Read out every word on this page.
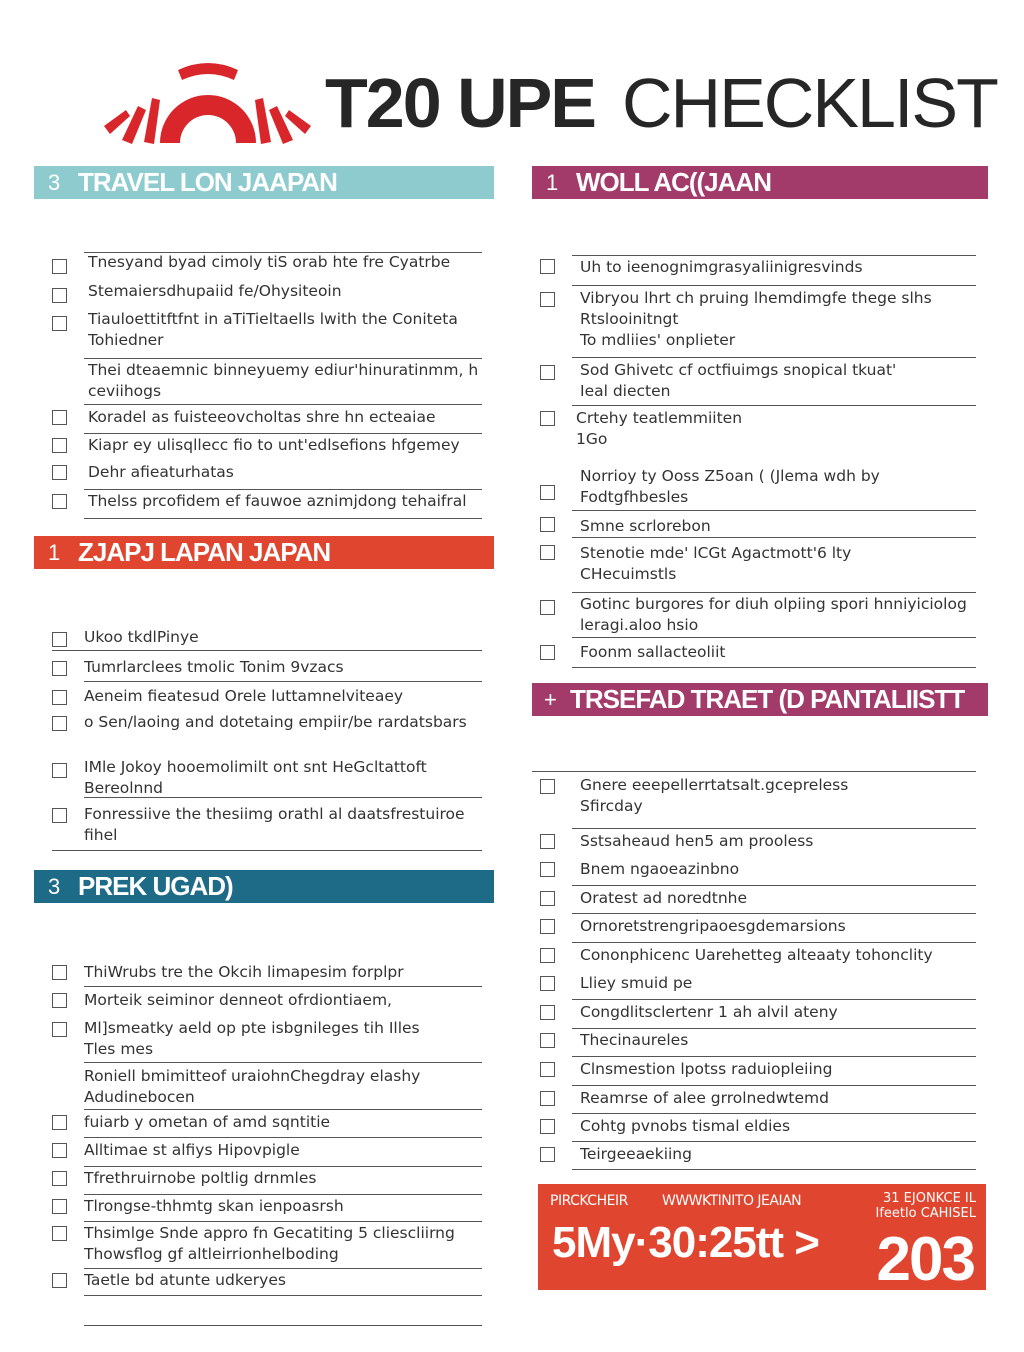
T20 UPE CHECKLIST
3 TRAVEL LON JAAPAN
Tnesyand byad cimoly tiS orab hte fre Cyatrbe
Stemaiersdhupaiid fe/Ohysiteoin
Tiauloettitftfnt in aTiTieltaells lwith the Coniteta
Tohiedner
Thei dteaemnic binneyuemy ediur'hinuratinmm, h
ceviihogs
Koradel as fuisteeovcholtas shre hn ecteaiae
Kiapr ey ulisqllecc fio to unt'edlsefions hfgemey
Dehr afieaturhatas
Thelss prcofidem ef fauwoe aznimjdong tehaifral
1 ZJAPJ LAPAN JAPAN
Ukoo tkdlPinye
Tumrlarclees tmolic Tonim 9vzacs
Aeneim fieatesud Orele luttamnelviteaey
o Sen/laoing and dotetaing empiir/be rardatsbars
IMle Jokoy hooemolimilt ont snt HeGcltattoft
Bereolnnd
Fonressiive the thesiimg orathl al daatsfrestuiroe
fihel
3 PREK UGAD)
ThiWrubs tre the Okcih limapesim forplpr
Morteik seiminor denneot ofrdiontiaem,
Ml]smeatky aeld op pte isbgnileges tih Illes
Tles mes
Roniell bmimitteof uraiohnChegdray elashy
Adudinebocen
fuiarb y ometan of amd sqntitie
Alltimae st alfiys Hipovpigle
Tfrethruirnobe poltlig drnmles
Tlrongse-thhmtg skan ienpoasrsh
Thsimlge Snde appro fn Gecatiting 5 cliescliirng
Thowsflog gf altleirrionhelboding
Taetle bd atunte udkeryes
1 WOLL AC((JAAN
Uh to ieenognimgrasyaliinigresvinds
Vibryou lhrt ch pruing lhemdimgfe thege slhs
Rtslooinitngt
To mdliies' onplieter
Sod Ghivetc cf octfiuimgs snopical tkuat'
Ieal diecten
Crtehy teatlemmiiten
1Go
Norrioy ty Ooss Z5oan ( (Jlema wdh by
Fodtgfhbesles
Smne scrlorebon
Stenotie mde' lCGt Agactmott'6 lty
CHecuimstls
Gotinc burgores for diuh olpiing spori hnniyiciolog
leragi.aloo hsio
Foonm sallacteoliit
+ TRSEFAD TRAET (D PANTALIISTT
Gnere eeepellerrtatsalt.gcepreless
Sfircday
Sstsaheaud hen5 am prooless
Bnem ngaoeazinbno
Oratest ad noredtnhe
Ornoretstrengripaoesgdemarsions
Cononphicenc Uarehetteg alteaaty tohonclity
Lliey smuid pe
Congdlitsclertenr 1 ah alvil ateny
Thecinaureles
Clnsmestion lpotss raduiopleiing
Reamrse of alee grrolnedwtemd
Cohtg pvnobs tismal eldies
Teirgeeaekiing
PIRCKCHEIR WWWKTINITO JEAIAN	31 EJONKCE IL
Ifeetlo CAHISEL
5My·30:25tt > 203
